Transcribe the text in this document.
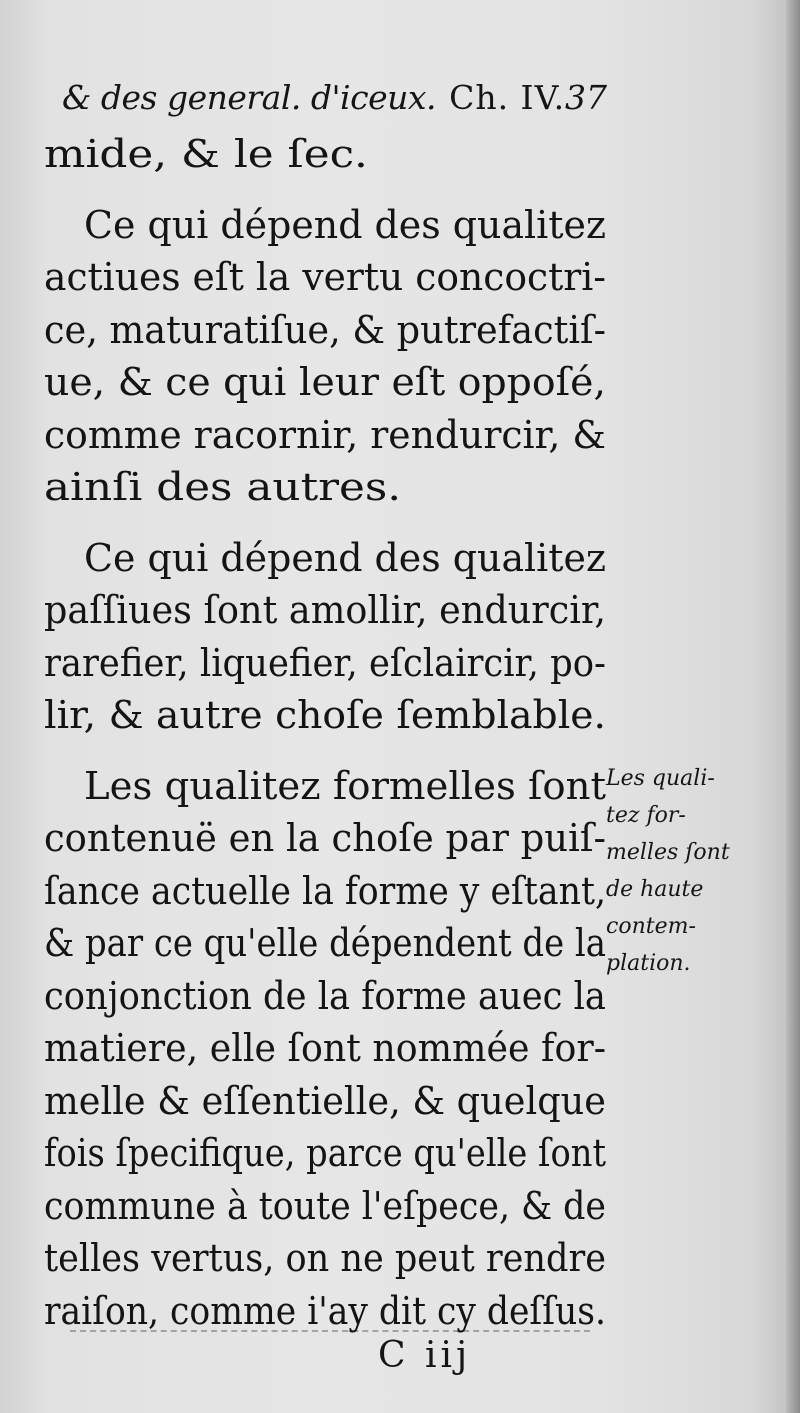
& des general. d'iceux. Ch. IV. 37
mide, & le ſec.
Ce qui dépend des qualitez
actiues eſt la vertu concoctri-
ce, maturatiſue, & putrefactiſ-
ue, & ce qui leur eſt oppoſé,
comme racornir, rendurcir, &
ainſi des autres.
Ce qui dépend des qualitez
paſſiues ſont amollir, endurcir,
rarefier, liquefier, eſclaircir, po-
lir, & autre choſe ſemblable.
Les qualitez formelles ſont
contenuë en la choſe par puiſ-
ſance actuelle la forme y eſtant,
& par ce qu'elle dépendent de la
conjonction de la forme auec la
matiere, elle ſont nommée for-
melle & eſſentielle, & quelque
fois ſpecifique, parce qu'elle ſont
commune à toute l'eſpece, & de
telles vertus, on ne peut rendre
raiſon, comme i'ay dit cy deſſus.
Les quali-
tez for-
melles ſont
de haute
contem-
plation.
C iij
